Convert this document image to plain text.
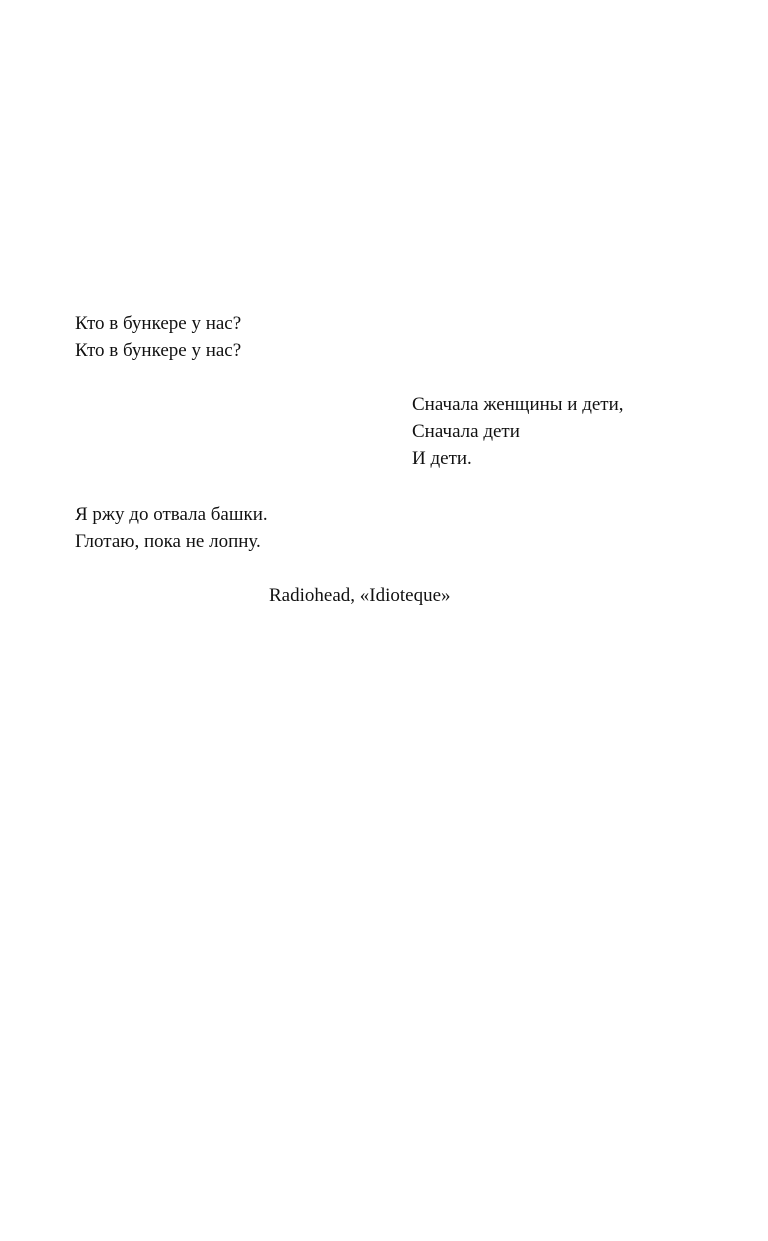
Кто в бункере у нас?
Кто в бункере у нас?
Сначала женщины и дети,
Сначала дети
И дети.
Я ржу до отвала башки.
Глотаю, пока не лопну.

Radiohead, «Idioteque»
